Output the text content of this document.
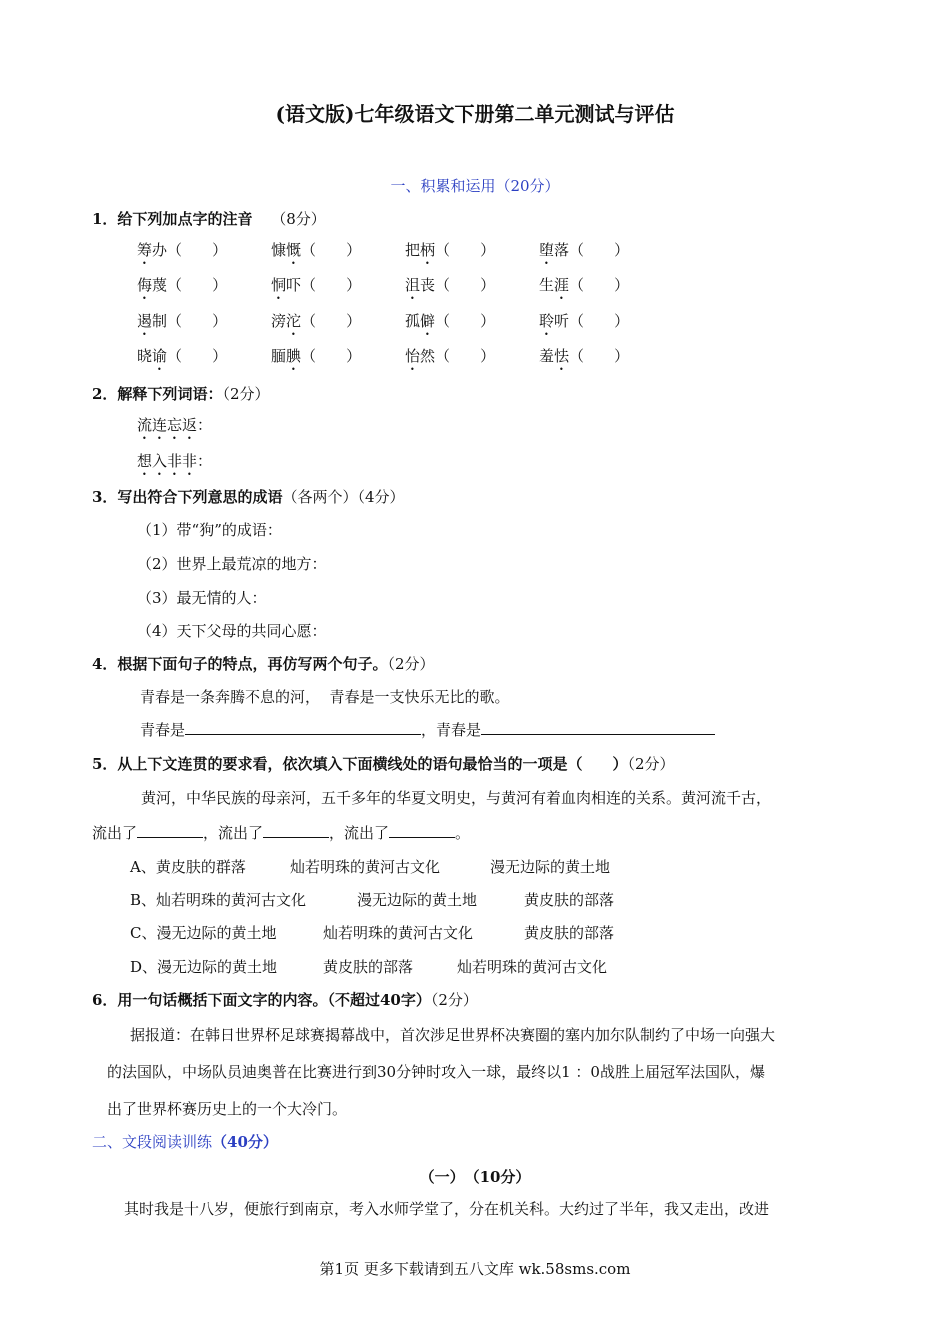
(语文版)七年级语文下册第二单元测试与评估
一、积累和运用（20分）
1．给下列加点字的注音 （8分）
筹办（　　 ）	慷慨（　　 ）	把柄（　　 ）	堕落（　　 ）
侮蔑（　　 ）	恫吓（　　 ）	沮丧（　　 ）	生涯（　　 ）
遏制（　　 ）	滂沱（　　 ）	孤僻（　　 ）	聆听（　　 ）
晓谕（　　 ）	腼腆（　　 ）	怡然（　　 ）	羞怯（　　 ）
2．解释下列词语：（2分）
流连忘返：
想入非非：
3．写出符合下列意思的成语（各两个）（4分）
（1）带“狗”的成语：
（2）世界上最荒凉的地方：
（3）最无情的人：
（4）天下父母的共同心愿：
4．根据下面句子的特点，再仿写两个句子。（2分）
青春是一条奔腾不息的河，  青春是一支快乐无比的歌。
青春是	，青春是
5．从上下文连贯的要求看，依次填入下面横线处的语句最恰当的一项是（　　）（2分）
黄河，中华民族的母亲河，五千多年的华夏文明史，与黄河有着血肉相连的关系。黄河流千古，
流出了	，流出了	，流出了	。
A、黄皮肤的群落	灿若明珠的黄河古文化	漫无边际的黄土地
B、灿若明珠的黄河古文化	漫无边际的黄土地	黄皮肤的部落
C、漫无边际的黄土地	灿若明珠的黄河古文化	黄皮肤的部落
D、漫无边际的黄土地	黄皮肤的部落	灿若明珠的黄河古文化
6．用一句话概括下面文字的内容。（不超过40字）（2分）
据报道：在韩日世界杯足球赛揭幕战中，首次涉足世界杯决赛圈的塞内加尔队制约了中场一向强大
的法国队，中场队员迪奥普在比赛进行到30分钟时攻入一球，最终以1 ：0战胜上届冠军法国队，爆
出了世界杯赛历史上的一个大冷门。
二、文段阅读训练（40分）
（一）　（10分）
其时我是十八岁，便旅行到南京，考入水师学堂了，分在机关科。大约过了半年，我又走出，改进
第1页 更多下载请到五八文库 wk.58sms.com
